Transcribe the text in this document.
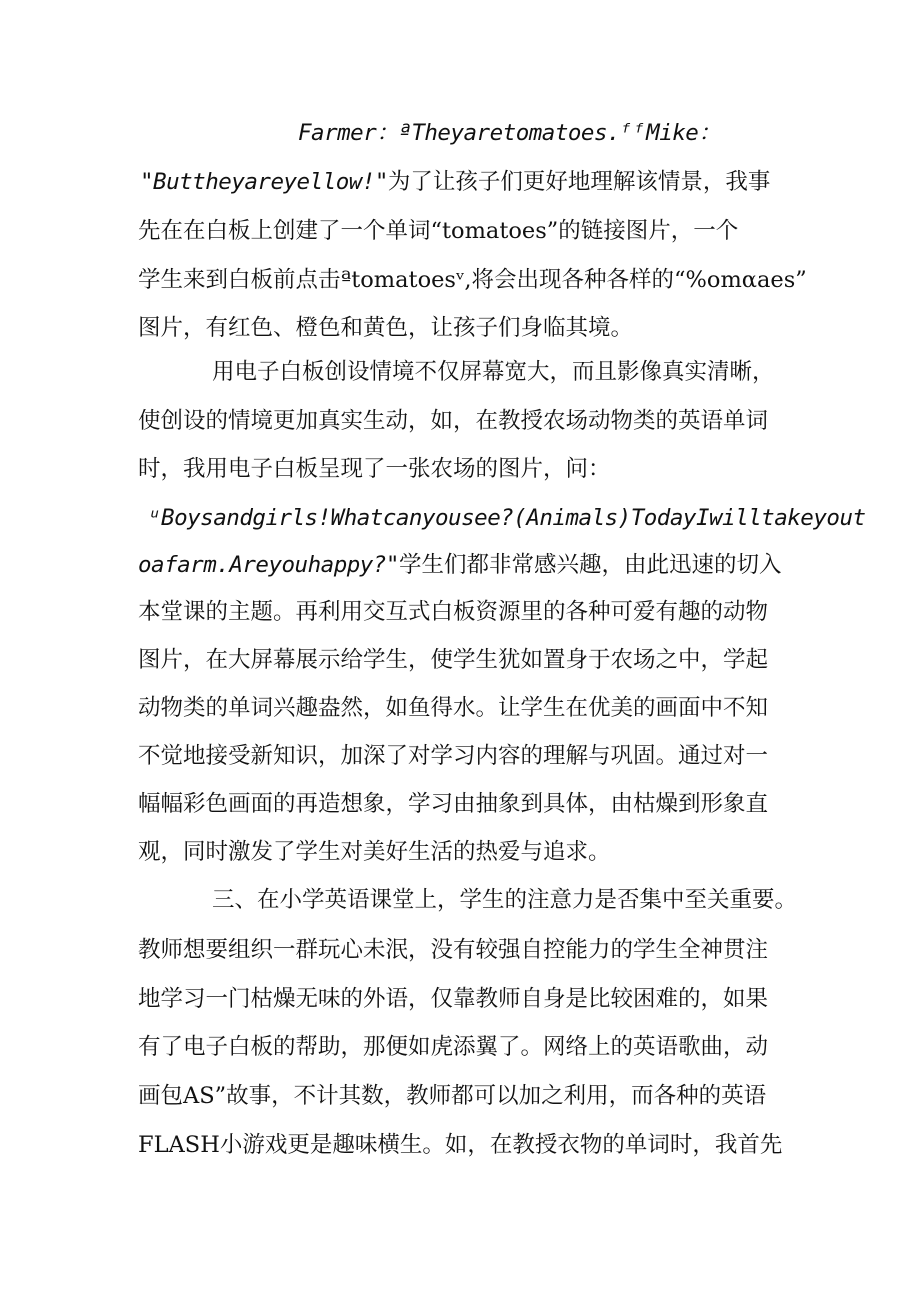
Farmer：ªTheyaretomatoes.ᶠᶠMike：
"Buttheyareyellow!"为了让孩子们更好地理解该情景，我事
先在在白板上创建了一个单词“tomatoes”的链接图片，一个
学生来到白板前点击ªtomatoesᵛ,将会出现各种各样的“%omαaes”
图片，有红色、橙色和黄色，让孩子们身临其境。
用电子白板创设情境不仅屏幕宽大，而且影像真实清晰，
使创设的情境更加真实生动，如，在教授农场动物类的英语单词
时，我用电子白板呈现了一张农场的图片，问：
ᵘBoysandgirls!Whatcanyousee?(Animals)TodayIwilltakeyout
oafarm.Areyouhappy?"学生们都非常感兴趣，由此迅速的切入
本堂课的主题。再利用交互式白板资源里的各种可爱有趣的动物
图片，在大屏幕展示给学生，使学生犹如置身于农场之中，学起
动物类的单词兴趣盎然，如鱼得水。让学生在优美的画面中不知
不觉地接受新知识，加深了对学习内容的理解与巩固。通过对一
幅幅彩色画面的再造想象，学习由抽象到具体，由枯燥到形象直
观，同时激发了学生对美好生活的热爱与追求。
三、在小学英语课堂上，学生的注意力是否集中至关重要。
教师想要组织一群玩心未泯，没有较强自控能力的学生全神贯注
地学习一门枯燥无味的外语，仅靠教师自身是比较困难的，如果
有了电子白板的帮助，那便如虎添翼了。网络上的英语歌曲，动
画包AS”故事，不计其数，教师都可以加之利用，而各种的英语
FLASH小游戏更是趣味横生。如，在教授衣物的单词时，我首先
